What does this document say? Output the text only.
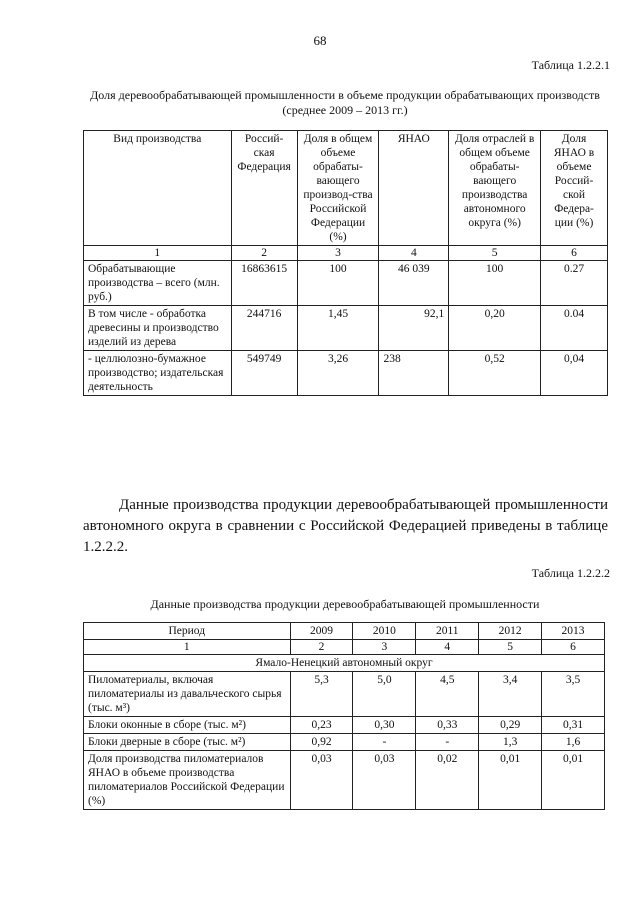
68
Таблица 1.2.2.1
Доля деревообрабатывающей промышленности в объеме продукции обрабатывающих производств (среднее 2009 – 2013 гг.)
Вид производства	Россий-ская Федерация	Доля в общем объеме обрабаты-вающего производ-ства Российской Федерации (%)	ЯНАО	Доля отраслей в общем объеме обрабаты-вающего производства автономного округа (%)	Доля ЯНАО в объеме Россий-ской Федера-ции (%)
1	2	3	4	5	6
Обрабатывающие производства – всего (млн. руб.)	16863615	100	46 039	100	0.27
В том числе - обработка древесины и производство изделий из дерева	244716	1,45	92,1	0,20	0.04
- целлюлозно-бумажное производство; издательская деятельность	549749	3,26	238	0,52	0,04
Данные производства продукции деревообрабатывающей промышленности автономного округа в сравнении с Российской Федерацией приведены в таблице 1.2.2.2.
Таблица 1.2.2.2
Данные производства продукции деревообрабатывающей промышленности
Период	2009	2010	2011	2012	2013
1	2	3	4	5	6
Ямало-Ненецкий автономный округ					
Пиломатериалы, включая пиломатериалы из давальческого сырья (тыс. м³)	5,3	5,0	4,5	3,4	3,5
Блоки оконные в сборе (тыс. м²)	0,23	0,30	0,33	0,29	0,31
Блоки дверные в сборе (тыс. м²)	0,92	-	-	1,3	1,6
Доля производства пиломатериалов ЯНАО в объеме производства пиломатериалов Российской Федерации (%)	0,03	0,03	0,02	0,01	0,01
